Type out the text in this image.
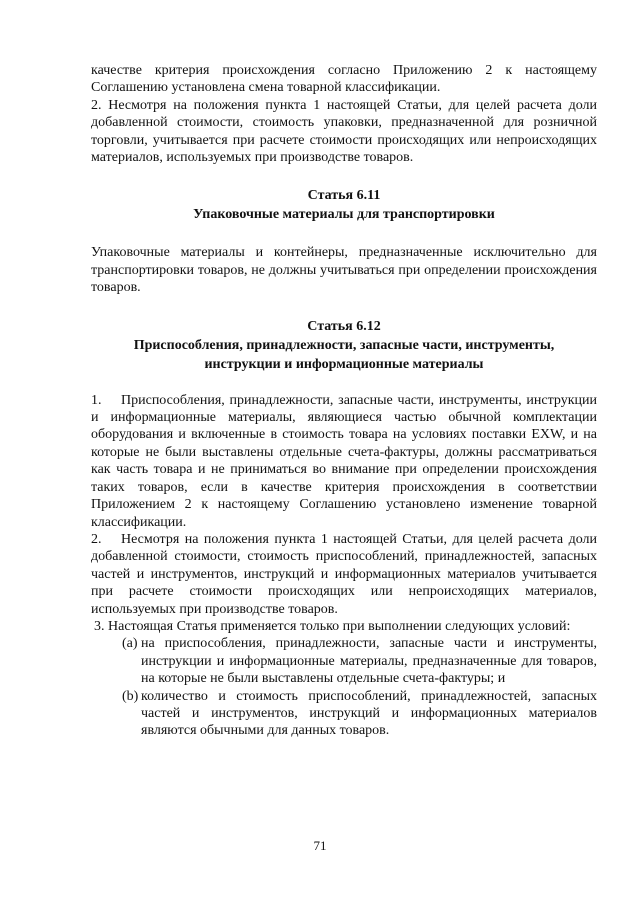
качестве критерия происхождения согласно Приложению 2 к настоящему Соглашению установлена смена товарной классификации.

2. Несмотря на положения пункта 1 настоящей Статьи, для целей расчета доли добавленной стоимости, стоимость упаковки, предназначенной для розничной торговли, учитывается при расчете стоимости происходящих или непроисходящих материалов, используемых при производстве товаров.

Статья 6.11

Упаковочные материалы для транспортировки

Упаковочные материалы и контейнеры, предназначенные исключительно для транспортировки товаров, не должны учитываться при определении происхождения товаров.

Статья 6.12

Приспособления, принадлежности, запасные части, инструменты,

инструкции и информационные материалы

1. Приспособления, принадлежности, запасные части, инструменты, инструкции и информационные материалы, являющиеся частью обычной комплектации оборудования и включенные в стоимость товара на условиях поставки EXW, и на которые не были выставлены отдельные счета-фактуры, должны рассматриваться как часть товара и не приниматься во внимание при определении происхождения таких товаров, если в качестве критерия происхождения в соответствии Приложением 2 к настоящему Соглашению установлено изменение товарной классификации.

2. Несмотря на положения пункта 1 настоящей Статьи, для целей расчета доли добавленной стоимости, стоимость приспособлений, принадлежностей, запасных частей и инструментов, инструкций и информационных материалов учитывается при расчете стоимости происходящих или непроисходящих материалов, используемых при производстве товаров.

3. Настоящая Статья применяется только при выполнении следующих условий:

(a) на приспособления, принадлежности, запасные части и инструменты, инструкции и информационные материалы, предназначенные для товаров, на которые не были выставлены отдельные счета-фактуры; и
(b) количество и стоимость приспособлений, принадлежностей, запасных частей и инструментов, инструкций и информационных материалов являются обычными для данных товаров.
71
